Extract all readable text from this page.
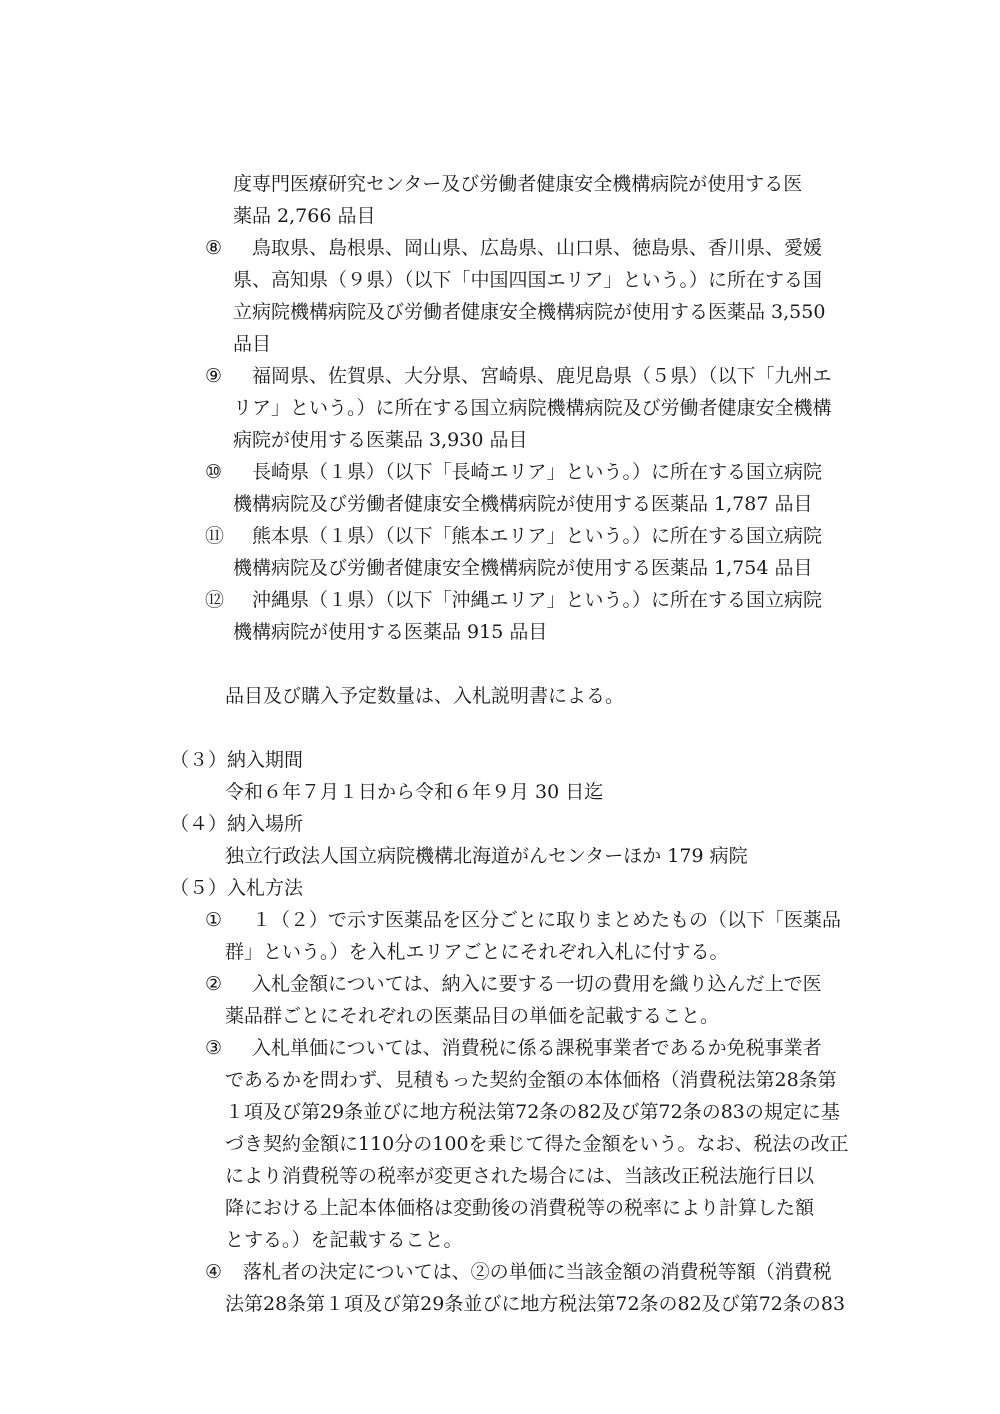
度専門医療研究センター及び労働者健康安全機構病院が使用する医
薬品 2,766 品目
⑧ 　鳥取県、島根県、岡山県、広島県、山口県、徳島県、香川県、愛媛
県、高知県（９県）（以下「中国四国エリア」という。）に所在する国
立病院機構病院及び労働者健康安全機構病院が使用する医薬品 3,550
品目
⑨ 　福岡県、佐賀県、大分県、宮崎県、鹿児島県（５県）（以下「九州エ
リア」という。）に所在する国立病院機構病院及び労働者健康安全機構
病院が使用する医薬品 3,930 品目
⑩ 　長崎県（１県）（以下「長崎エリア」という。）に所在する国立病院
機構病院及び労働者健康安全機構病院が使用する医薬品 1,787 品目
⑪ 　熊本県（１県）（以下「熊本エリア」という。）に所在する国立病院
機構病院及び労働者健康安全機構病院が使用する医薬品 1,754 品目
⑫ 　沖縄県（１県）（以下「沖縄エリア」という。）に所在する国立病院
機構病院が使用する医薬品 915 品目
品目及び購入予定数量は、入札説明書による。
（３）納入期間
令和６年７月１日から令和６年９月 30 日迄
（４）納入場所
独立行政法人国立病院機構北海道がんセンターほか 179 病院
（５）入札方法
① 　１（２）で示す医薬品を区分ごとに取りまとめたもの（以下「医薬品
群」という。）を入札エリアごとにそれぞれ入札に付する。
② 　入札金額については、納入に要する一切の費用を織り込んだ上で医
薬品群ごとにそれぞれの医薬品目の単価を記載すること。
③ 　入札単価については、消費税に係る課税事業者であるか免税事業者
であるかを問わず、見積もった契約金額の本体価格（消費税法第28条第
１項及び第29条並びに地方税法第72条の82及び第72条の83の規定に基
づき契約金額に110分の100を乗じて得た金額をいう。なお、税法の改正
により消費税等の税率が変更された場合には、当該改正税法施行日以
降における上記本体価格は変動後の消費税等の税率により計算した額
とする。）を記載すること。
④ 落札者の決定については、②の単価に当該金額の消費税等額（消費税
法第28条第１項及び第29条並びに地方税法第72条の82及び第72条の83
